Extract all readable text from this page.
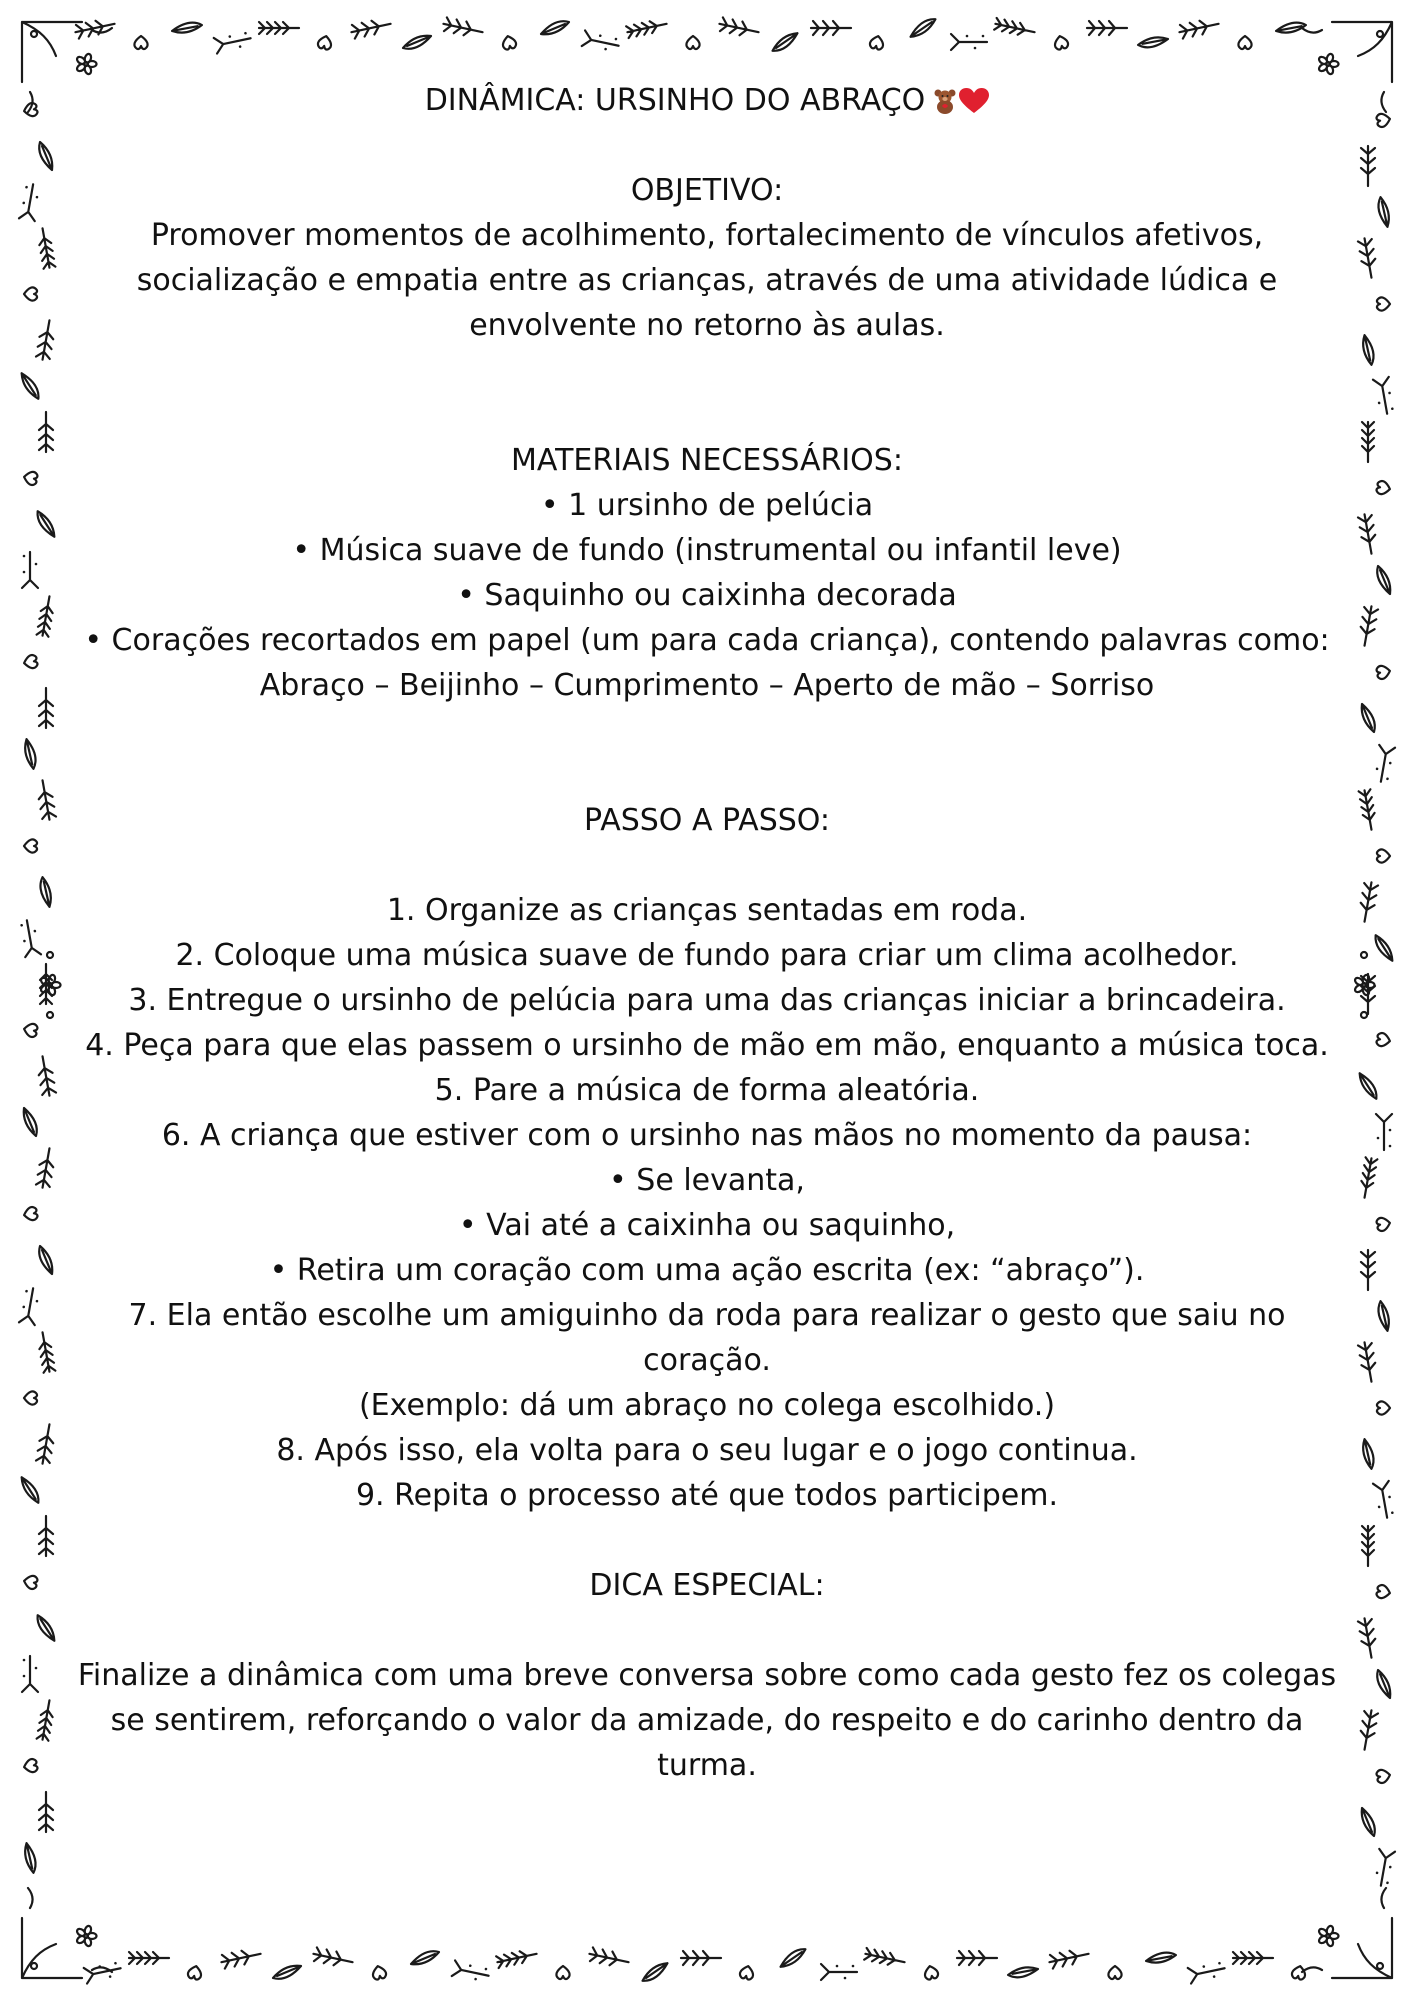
DINÂMICA: URSINHO DO ABRAÇO

OBJETIVO:

Promover momentos de acolhimento, fortalecimento de vínculos afetivos,

socialização e empatia entre as crianças, através de uma atividade lúdica e

envolvente no retorno às aulas.

MATERIAIS NECESSÁRIOS:

• 1 ursinho de pelúcia

• Música suave de fundo (instrumental ou infantil leve)

• Saquinho ou caixinha decorada

• Corações recortados em papel (um para cada criança), contendo palavras como:

Abraço – Beijinho – Cumprimento – Aperto de mão – Sorriso

PASSO A PASSO:

1. Organize as crianças sentadas em roda.

2. Coloque uma música suave de fundo para criar um clima acolhedor.

3. Entregue o ursinho de pelúcia para uma das crianças iniciar a brincadeira.

4. Peça para que elas passem o ursinho de mão em mão, enquanto a música toca.

5. Pare a música de forma aleatória.

6. A criança que estiver com o ursinho nas mãos no momento da pausa:

• Se levanta,

• Vai até a caixinha ou saquinho,

• Retira um coração com uma ação escrita (ex: “abraço”).

7. Ela então escolhe um amiguinho da roda para realizar o gesto que saiu no

coração.

(Exemplo: dá um abraço no colega escolhido.)

8. Após isso, ela volta para o seu lugar e o jogo continua.

9. Repita o processo até que todos participem.

DICA ESPECIAL:

Finalize a dinâmica com uma breve conversa sobre como cada gesto fez os colegas

se sentirem, reforçando o valor da amizade, do respeito e do carinho dentro da

turma.
